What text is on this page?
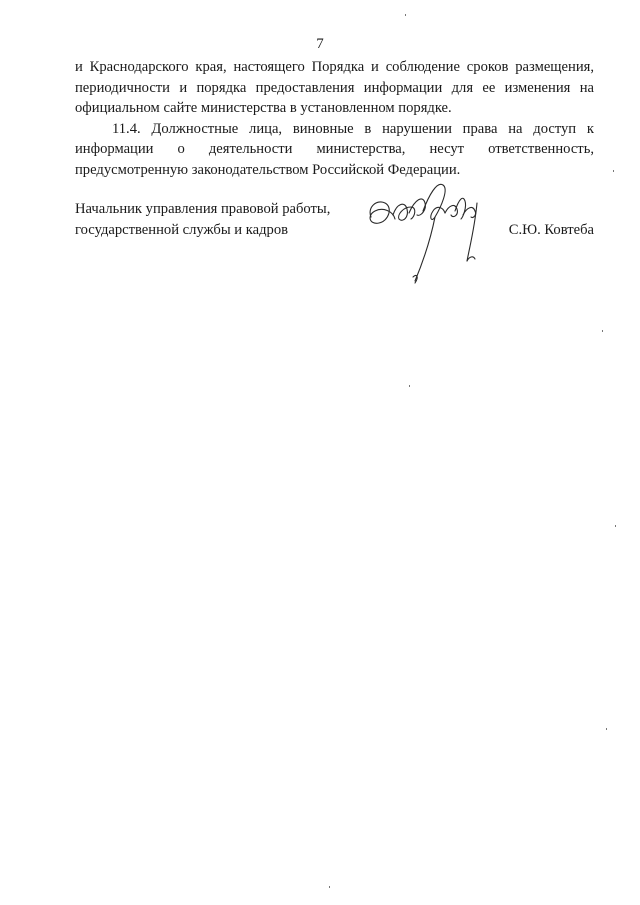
7

и Краснодарского края, настоящего Порядка и соблюдение сроков размещения, периодичности и порядка предоставления информации для ее изменения на официальном сайте министерства в установленном порядке.

11.4. Должностные лица, виновные в нарушении права на доступ к информации о деятельности министерства, несут ответственность, предусмотренную законодательством Российской Федерации.

Начальник управления правовой работы,
государственной службы и кадров	С.Ю. Ковтеба
